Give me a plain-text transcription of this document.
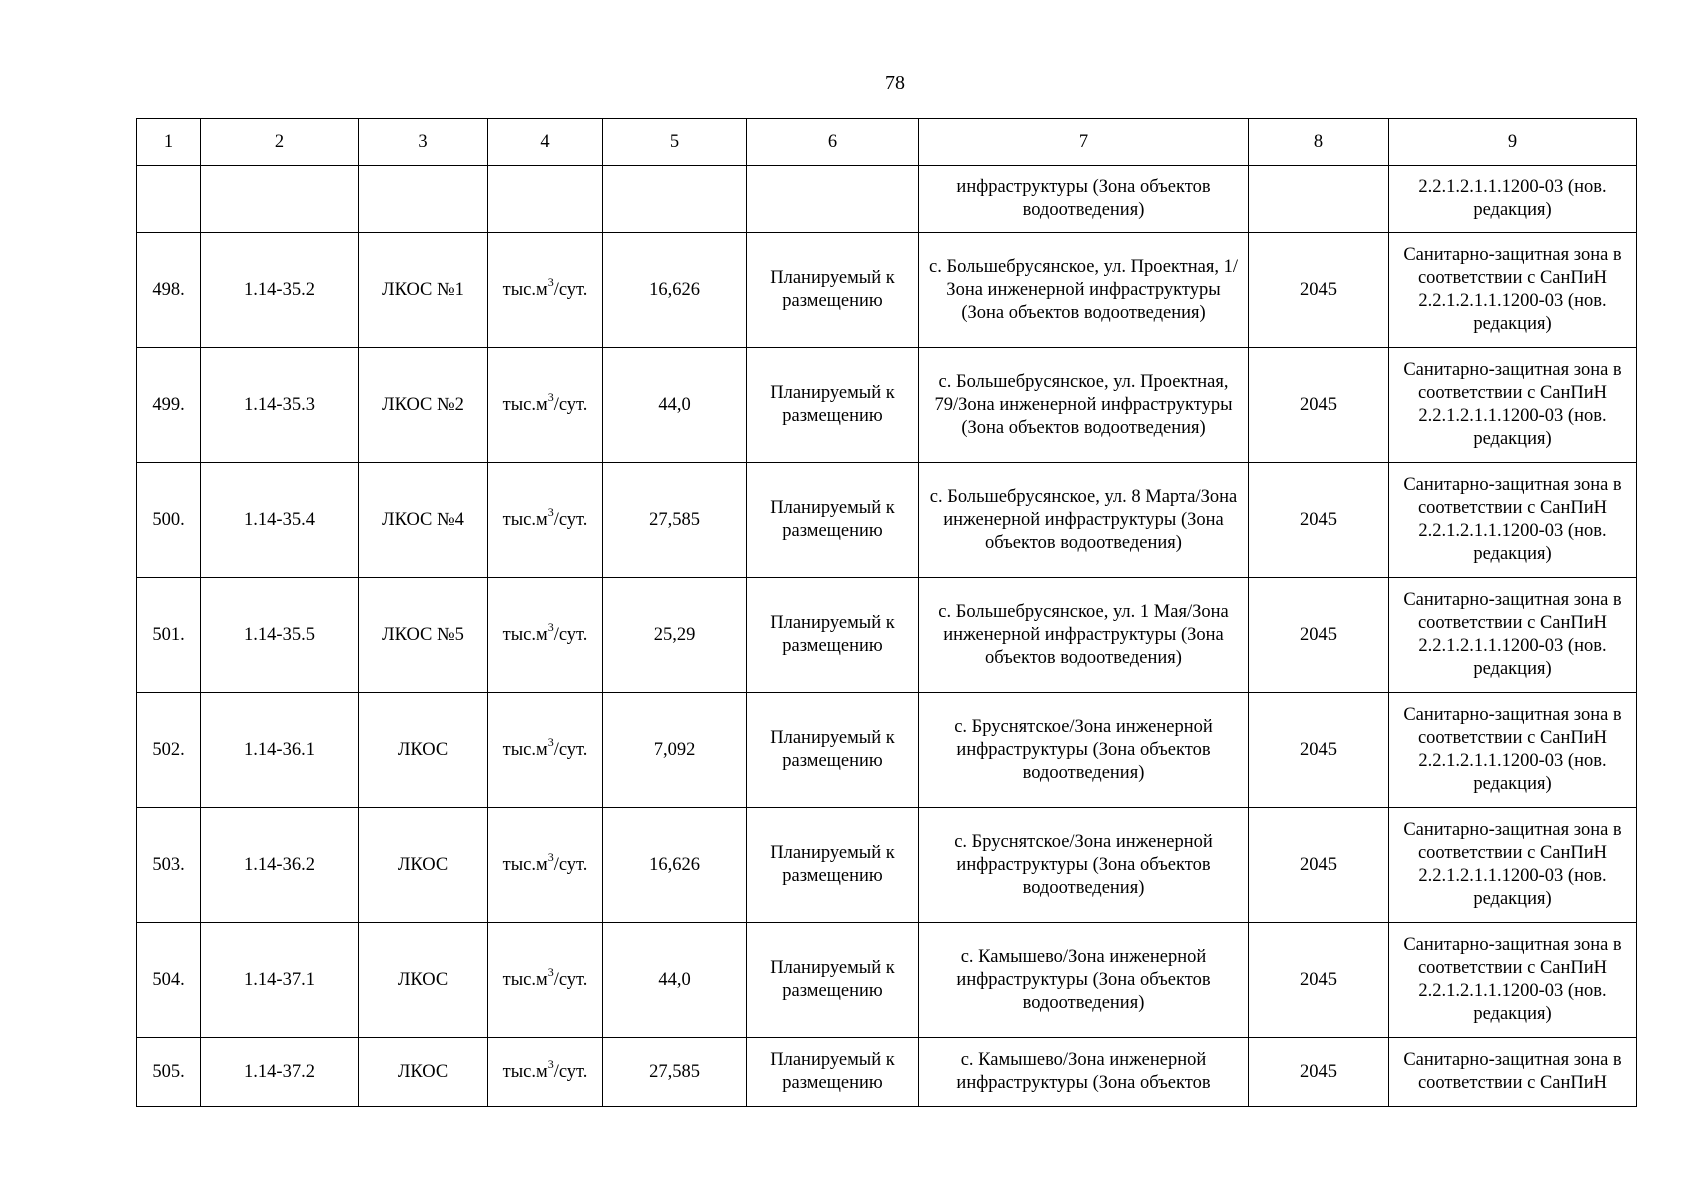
78
1	2	3	4	5	6	7	8	9
						инфраструктуры (Зона объектов водоотведения)		2.2.1.2.1.1.1200-03 (нов. редакция)
498.	1.14-35.2	ЛКОС №1	$тыс.м^3$/сут.	16,626	Планируемый к размещению	с. Большебрусянское, ул. Проектная, 1/Зона инженерной инфраструктуры (Зона объектов водоотведения)	2045	Санитарно-защитная зона в соответствии с СанПиН 2.2.1.2.1.1.1200-03 (нов. редакция)
499.	1.14-35.3	ЛКОС №2	$тыс.м^3$/сут.	44,0	Планируемый к размещению	с. Большебрусянское, ул. Проектная, 79/Зона инженерной инфраструктуры (Зона объектов водоотведения)	2045	Санитарно-защитная зона в соответствии с СанПиН 2.2.1.2.1.1.1200-03 (нов. редакция)
500.	1.14-35.4	ЛКОС №4	$тыс.м^3$/сут.	27,585	Планируемый к размещению	с. Большебрусянское, ул. 8 Марта/Зона инженерной инфраструктуры (Зона объектов водоотведения)	2045	Санитарно-защитная зона в соответствии с СанПиН 2.2.1.2.1.1.1200-03 (нов. редакция)
501.	1.14-35.5	ЛКОС №5	$тыс.м^3$/сут.	25,29	Планируемый к размещению	с. Большебрусянское, ул. 1 Мая/Зона инженерной инфраструктуры (Зона объектов водоотведения)	2045	Санитарно-защитная зона в соответствии с СанПиН 2.2.1.2.1.1.1200-03 (нов. редакция)
502.	1.14-36.1	ЛКОС	$тыс.м^3$/сут.	7,092	Планируемый к размещению	с. Бруснятское/Зона инженерной инфраструктуры (Зона объектов водоотведения)	2045	Санитарно-защитная зона в соответствии с СанПиН 2.2.1.2.1.1.1200-03 (нов. редакция)
503.	1.14-36.2	ЛКОС	$тыс.м^3$/сут.	16,626	Планируемый к размещению	с. Бруснятское/Зона инженерной инфраструктуры (Зона объектов водоотведения)	2045	Санитарно-защитная зона в соответствии с СанПиН 2.2.1.2.1.1.1200-03 (нов. редакция)
504.	1.14-37.1	ЛКОС	$тыс.м^3$/сут.	44,0	Планируемый к размещению	с. Камышево/Зона инженерной инфраструктуры (Зона объектов водоотведения)	2045	Санитарно-защитная зона в соответствии с СанПиН 2.2.1.2.1.1.1200-03 (нов. редакция)
505.	1.14-37.2	ЛКОС	$тыс.м^3$/сут.	27,585	Планируемый к размещению	с. Камышево/Зона инженерной инфраструктуры (Зона объектов	2045	Санитарно-защитная зона в соответствии с СанПиН
